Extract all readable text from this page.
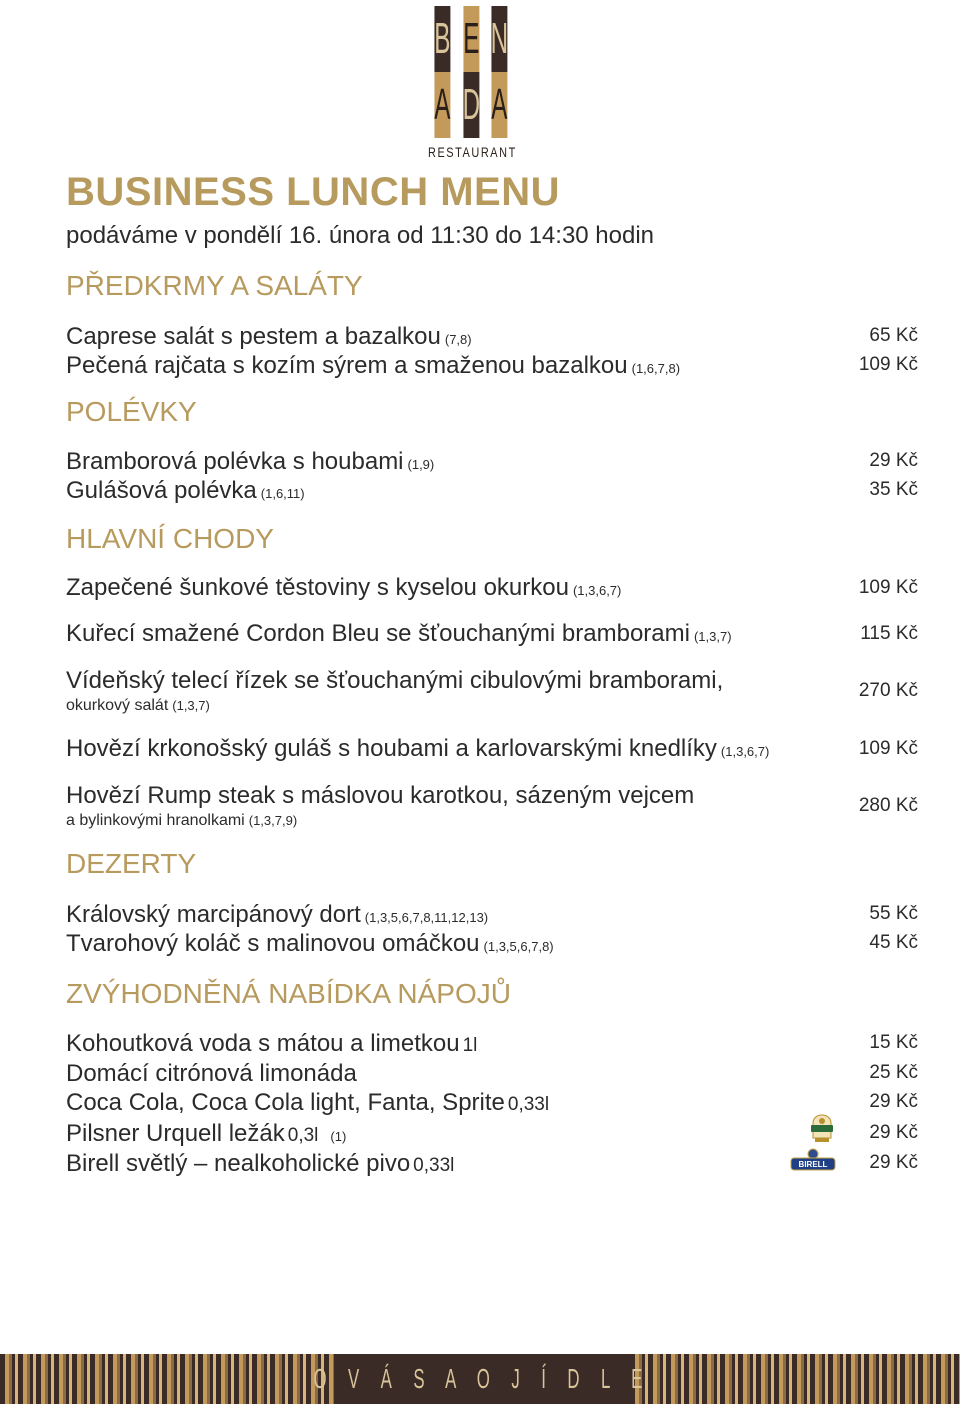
B E N
A D A
RESTAURANT
BUSINESS LUNCH MENU
podáváme v pondělí 16. února od 11:30 do 14:30 hodin
PŘEDKRMY A SALÁTY
Caprese salát s pestem a bazalkou (7,8)	65 Kč
Pečená rajčata s kozím sýrem a smaženou bazalkou (1,6,7,8)	109 Kč
POLÉVKY
Bramborová polévka s houbami (1,9)	29 Kč
Gulášová polévka (1,6,11)	35 Kč
HLAVNÍ CHODY
Zapečené šunkové těstoviny s kyselou okurkou (1,3,6,7)	109 Kč
Kuřecí smažené Cordon Bleu se šťouchanými bramborami (1,3,7)	115 Kč
Vídeňský telecí řízek se šťouchanými cibulovými bramborami,
okurkový salát (1,3,7)
270 Kč
Hovězí krkonošský guláš s houbami a karlovarskými knedlíky (1,3,6,7)	109 Kč
Hovězí Rump steak s máslovou karotkou, sázeným vejcem
a bylinkovými hranolkami (1,3,7,9)
280 Kč
DEZERTY
Královský marcipánový dort (1,3,5,6,7,8,11,12,13)	55 Kč
Tvarohový koláč s malinovou omáčkou (1,3,5,6,7,8)	45 Kč
ZVÝHODNĚNÁ NABÍDKA NÁPOJŮ
Kohoutková voda s mátou a limetkou 1l	15 Kč
Domácí citrónová limonáda	25 Kč
Coca Cola, Coca Cola light, Fanta, Sprite 0,33l	29 Kč
Pilsner Urquell ležák 0,3l (1)	29 Kč
Birell světlý – nealkoholické pivo 0,33l	29 Kč
BIRELL
O V Á S A O J Í D L E
